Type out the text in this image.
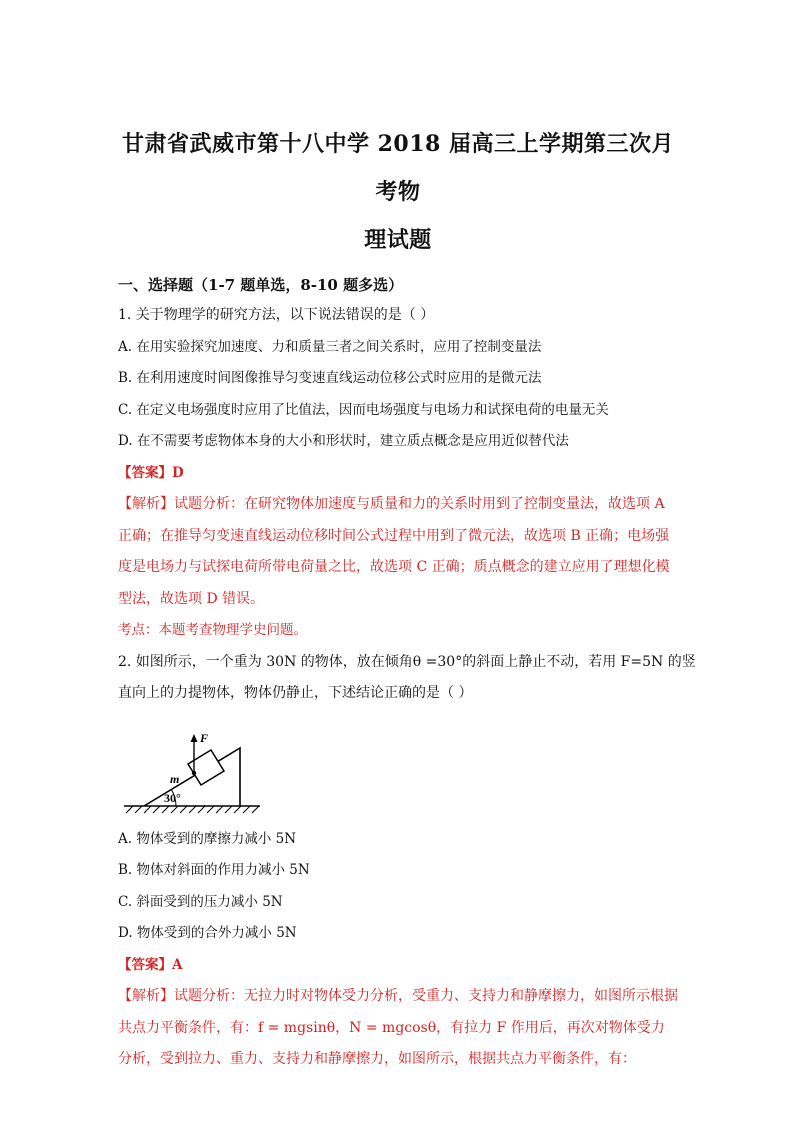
甘肃省武威市第十八中学 2018 届高三上学期第三次月考物
理试题
一、选择题（1-7 题单选，8-10 题多选）
1. 关于物理学的研究方法，以下说法错误的是（ ）
A. 在用实验探究加速度、力和质量三者之间关系时，应用了控制变量法
B. 在利用速度时间图像推导匀变速直线运动位移公式时应用的是微元法
C. 在定义电场强度时应用了比值法，因而电场强度与电场力和试探电荷的电量无关
D. 在不需要考虑物体本身的大小和形状时，建立质点概念是应用近似替代法
【答案】D
【解析】试题分析：在研究物体加速度与质量和力的关系时用到了控制变量法，故选项 A 正确；在推导匀变速直线运动位移时间公式过程中用到了微元法，故选项 B 正确；电场强度是电场力与试探电荷所带电荷量之比，故选项 C 正确；质点概念的建立应用了理想化模型法，故选项 D 错误。
考点：本题考查物理学史问题。
2. 如图所示，一个重为 30N 的物体，放在倾角θ =30°的斜面上静止不动，若用 F=5N 的竖
直向上的力提物体，物体仍静止，下述结论正确的是（ ）
F
m
30°
A. 物体受到的摩擦力减小 5N
B. 物体对斜面的作用力减小 5N
C. 斜面受到的压力减小 5N
D. 物体受到的合外力减小 5N
【答案】A
【解析】试题分析：无拉力时对物体受力分析，受重力、支持力和静摩擦力，如图所示根据共点力平衡条件，有：f = mgsinθ，N = mgcosθ，有拉力 F 作用后，再次对物体受力分析，受到拉力、重力、支持力和静摩擦力，如图所示，根据共点力平衡条件，有：
